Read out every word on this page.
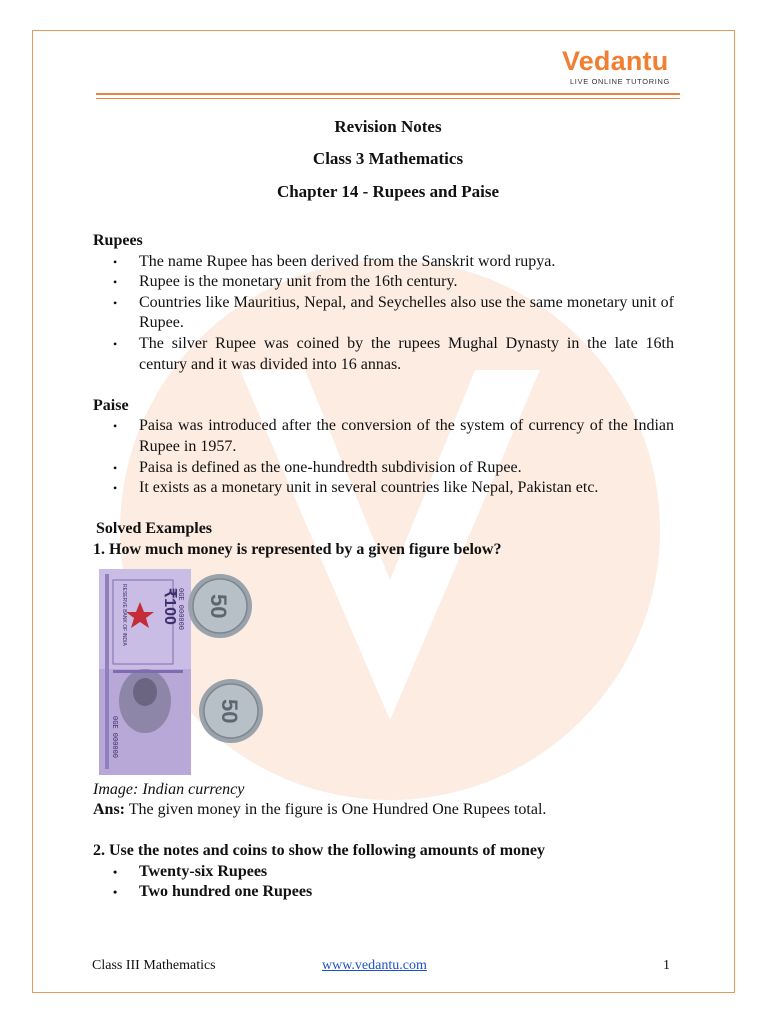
Vedantu
LIVE ONLINE TUTORING
Revision Notes
Class 3 Mathematics
Chapter 14 - Rupees and Paise
Rupees
• The name Rupee has been derived from the Sanskrit word rupya.
• Rupee is the monetary unit from the 16th century.
• Countries like Mauritius, Nepal, and Seychelles also use the same monetary unit of Rupee.
• The silver Rupee was coined by the rupees Mughal Dynasty in the late 16th century and it was divided into 16 annas.
Paise
• Paisa was introduced after the conversion of the system of currency of the Indian Rupee in 1957.
• Paisa is defined as the one-hundredth subdivision of Rupee.
• It exists as a monetary unit in several countries like Nepal, Pakistan etc.
Solved Examples
1. How much money is represented by a given figure below?
₹100
RESERVE BANK OF INDIA	0GE 000000
0GE 000000
50
50
Image: Indian currency
Ans: The given money in the figure is One Hundred One Rupees total.
2. Use the notes and coins to show the following amounts of money
• Twenty-six Rupees
• Two hundred one Rupees
Class III Mathematics	www.vedantu.com	1
